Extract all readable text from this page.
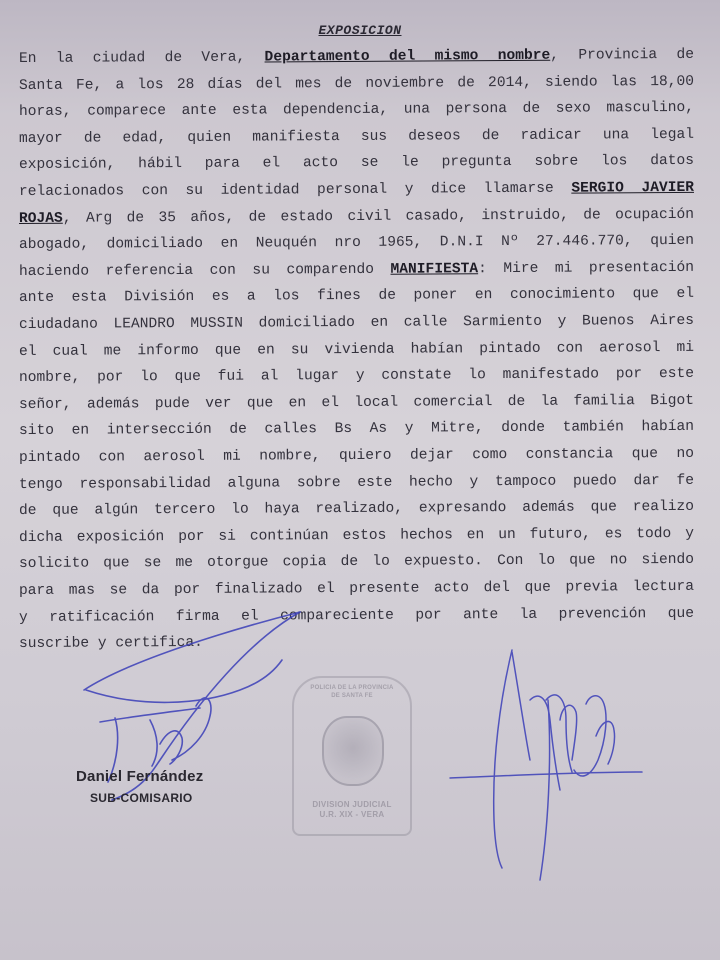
EXPOSICION
En la ciudad de Vera, Departamento del mismo nombre, Provincia de
Santa Fe, a los 28 días del mes de noviembre de 2014, siendo las 18,00
horas, comparece ante esta dependencia, una persona de sexo masculino,
mayor de edad, quien manifiesta sus deseos de radicar una legal
exposición, hábil para el acto se le pregunta sobre los datos
relacionados con su identidad personal y dice llamarse SERGIO JAVIER
ROJAS, Arg de 35 años, de estado civil casado, instruido, de ocupación
abogado, domiciliado en Neuquén nro 1965, D.N.I Nº 27.446.770, quien
haciendo referencia con su comparendo MANIFIESTA: Mire mi presentación
ante esta División es a los fines de poner en conocimiento que el
ciudadano LEANDRO MUSSIN domiciliado en calle Sarmiento y Buenos Aires
el cual me informo que en su vivienda habían pintado con aerosol mi
nombre, por lo que fui al lugar y constate lo manifestado por este
señor, además pude ver que en el local comercial de la familia Bigot
sito en intersección de calles Bs As y Mitre, donde también habían
pintado con aerosol mi nombre, quiero dejar como constancia que no
tengo responsabilidad alguna sobre este hecho y tampoco puedo dar fe
de que algún tercero lo haya realizado, expresando además que realizo
dicha exposición por si continúan estos hechos en un futuro, es todo y
solicito que se me otorgue copia de lo expuesto. Con lo que no siendo
para mas se da por finalizado el presente acto del que previa lectura
y ratificación firma el compareciente por ante la prevención que
suscribe y certifica.
Daniel Fernández
SUB-COMISARIO
POLICIA DE LA PROVINCIA DE SANTA FE
DIVISION JUDICIAL
U.R. XIX - VERA
